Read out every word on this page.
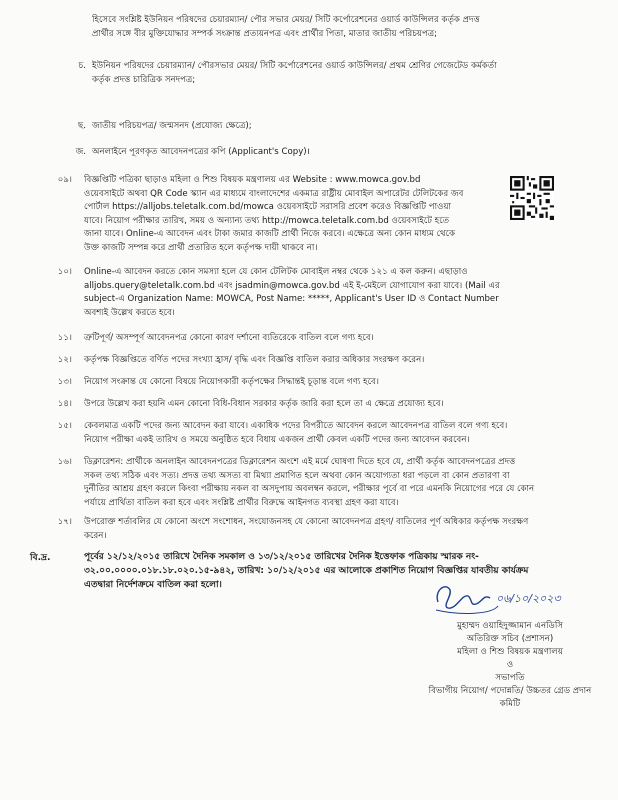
হিসেবে সংশ্লিষ্ট ইউনিয়ন পরিষদের চেয়ারম্যান/ পৌর সভার মেয়র/ সিটি কর্পোরেশনের ওয়ার্ড কাউন্সিলর কর্তৃক প্রদত্ত
প্রার্থীর সঙ্গে বীর মুক্তিযোদ্ধার সম্পর্ক সংক্রান্ত প্রত্যয়নপত্র এবং প্রার্থীর পিতা, মাতার জাতীয় পরিচয়পত্র;
চ. ইউনিয়ন পরিষদের চেয়ারম্যান/ পৌরসভার মেয়র/ সিটি কর্পোরেশনের ওয়ার্ড কাউন্সিলর/ প্রথম শ্রেণির গেজেটেড কর্মকর্তা
কর্তৃক প্রদত্ত চারিত্রিক সনদপত্র;
ছ. জাতীয় পরিচয়পত্র/ জন্মসনদ (প্রযোজ্য ক্ষেত্রে);
জ. অনলাইনে পূরণকৃত আবেদনপত্রের কপি (Applicant's Copy)।
০৯। বিজ্ঞপ্তিটি পত্রিকা ছাড়াও মহিলা ও শিশু বিষয়ক মন্ত্রণালয় এর Website : www.mowca.gov.bd
ওয়েবসাইটে অথবা QR Code স্ক্যান এর মাধ্যমে বাংলাদেশের একমাত্র রাষ্ট্রীয় মোবাইল অপারেটর টেলিটকের জব
পোর্টাল https://alljobs.teletalk.com.bd/mowca ওয়েবসাইটে সরাসরি প্রবেশ করেও বিজ্ঞপ্তিটি পাওয়া
যাবে। নিয়োগ পরীক্ষার তারিখ, সময় ও অন্যান্য তথ্য http://mowca.teletalk.com.bd ওয়েবসাইটে হতে
জানা যাবে। Online-এ আবেদন এবং টাকা জমার কাজটি প্রার্থী নিজে করবে। এক্ষেত্রে অন্য কোন মাধ্যম থেকে
উক্ত কাজটি সম্পন্ন করে প্রার্থী প্রতারিত হলে কর্তৃপক্ষ দায়ী থাকবে না।
১০। Online-এ আবেদন করতে কোন সমস্যা হলে যে কোন টেলিটক মোবাইল নম্বর থেকে ১২১ এ কল করুন। এছাড়াও
alljobs.query@teletalk.com.bd এবং jsadmin@mowca.gov.bd এই ই-মেইলে যোগাযোগ করা যাবে। (Mail এর
subject-এ Organization Name: MOWCA, Post Name: *****, Applicant's User ID ও Contact Number
অবশ্যই উল্লেখ করতে হবে।
১১। ত্রুটিপূর্ণ/ অসম্পূর্ণ আবেদনপত্র কোনো কারণ দর্শানো ব্যতিরেকে বাতিল বলে গণ্য হবে।
১২। কর্তৃপক্ষ বিজ্ঞপ্তিতে বর্ণিত পদের সংখ্যা হ্রাস/ বৃদ্ধি এবং বিজ্ঞপ্তি বাতিল করার অধিকার সংরক্ষণ করেন।
১৩। নিয়োগ সংক্রান্ত যে কোনো বিষয়ে নিয়োগকারী কর্তৃপক্ষের সিদ্ধান্তই চূড়ান্ত বলে গণ্য হবে।
১৪। উপরে উল্লেখ করা হয়নি এমন কোনো বিধি-বিধান সরকার কর্তৃক জারি করা হলে তা এ ক্ষেত্রে প্রযোজ্য হবে।
১৫। কেবলমাত্র একটি পদের জন্য আবেদন করা যাবে। একাধিক পদের বিপরীতে আবেদন করলে আবেদনপত্র বাতিল বলে গণ্য হবে।
নিয়োগ পরীক্ষা একই তারিখ ও সময়ে অনুষ্ঠিত হবে বিধায় একজন প্রার্থী কেবল একটি পদের জন্য আবেদন করবেন।
১৬। ডিক্লারেশন: প্রার্থীকে অনলাইন আবেদনপত্রের ডিক্লারেশন অংশে এই মর্মে ঘোষণা দিতে হবে যে, প্রার্থী কর্তৃক আবেদনপত্রের প্রদত্ত
সকল তথ্য সঠিক এবং সত্য। প্রদত্ত তথ্য অসত্য বা মিথ্যা প্রমাণিত হলে অথবা কোন অযোগ্যতা ধরা পড়লে বা কোন প্রতারণা বা
দুর্নীতির আশ্রয় গ্রহণ করলে কিংবা পরীক্ষায় নকল বা অসদুপায় অবলম্বন করলে, পরীক্ষার পূর্বে বা পরে এমনকি নিয়োগের পরে যে কোন
পর্যায়ে প্রার্থিতা বাতিল করা হবে এবং সংশ্লিষ্ট প্রার্থীর বিরুদ্ধে আইনগত ব্যবস্থা গ্রহণ করা যাবে।
১৭। উপরোক্ত শর্তাবলির যে কোনো অংশে সংশোধন, সংযোজনসহ যে কোনো আবেদনপত্র গ্রহণ/ বাতিলের পূর্ণ অধিকার কর্তৃপক্ষ সংরক্ষণ
করেন।
বি.দ্র.	পূর্বের ১২/১২/২০১৫ তারিখে দৈনিক সমকাল ও ১৩/১২/২০১৫ তারিখের দৈনিক ইত্তেফাক পত্রিকায় স্মারক নং-
৩২.০০.০০০০.০১৮.১৮.০২০.১৫-৯৪২, তারিখ: ১০/১২/২০১৫ এর আলোকে প্রকাশিত নিয়োগ বিজ্ঞপ্তির যাবতীয় কার্যক্রম
এতদ্বারা নির্দেশক্রমে বাতিল করা হলো।
০৬/১০/২০২৩
মুহাম্মদ ওয়াহিদুজ্জামান এনডিসি
অতিরিক্ত সচিব (প্রশাসন)
মহিলা ও শিশু বিষয়ক মন্ত্রণালয়
ও
সভাপতি
বিভাগীয় নিয়োগ/ পদোন্নতি/ উচ্চতর গ্রেড প্রদান
কমিটি
